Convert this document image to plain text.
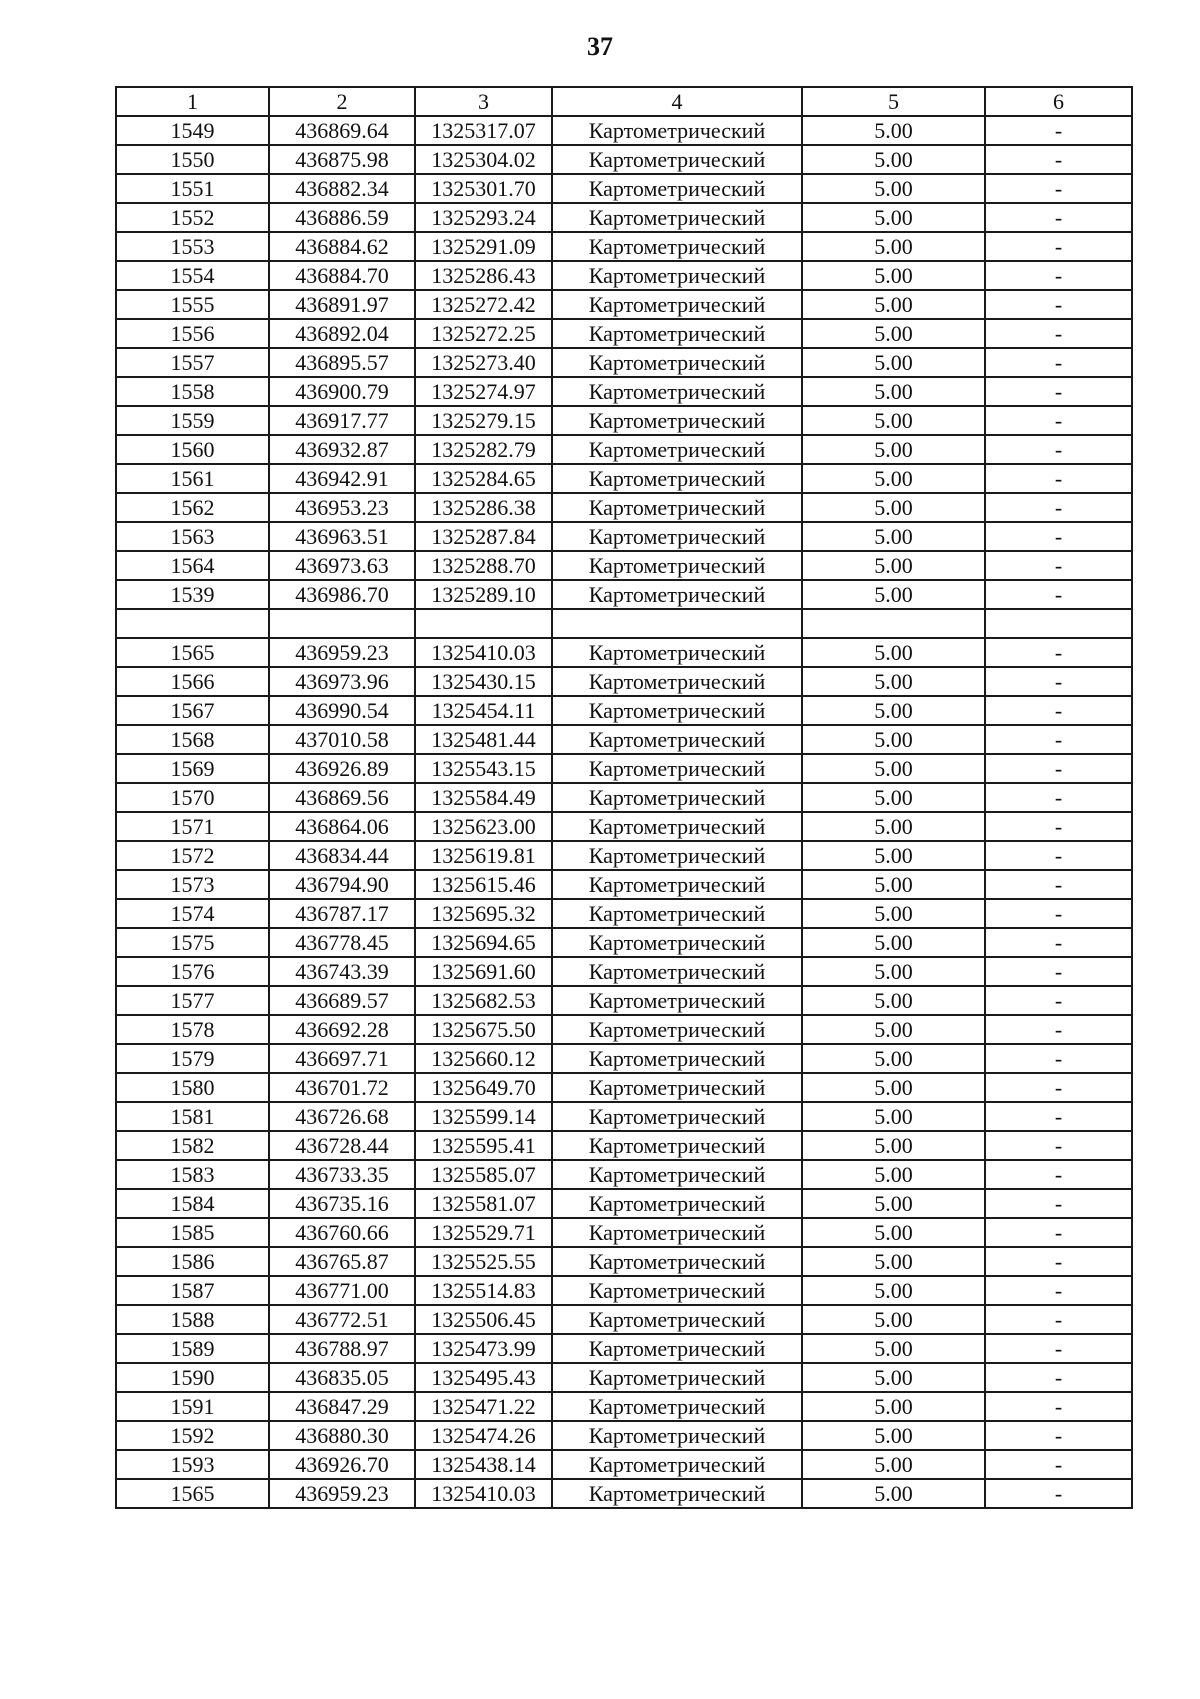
37
1	2	3	4	5	6
1549	436869.64	1325317.07	Картометрический	5.00	-
1550	436875.98	1325304.02	Картометрический	5.00	-
1551	436882.34	1325301.70	Картометрический	5.00	-
1552	436886.59	1325293.24	Картометрический	5.00	-
1553	436884.62	1325291.09	Картометрический	5.00	-
1554	436884.70	1325286.43	Картометрический	5.00	-
1555	436891.97	1325272.42	Картометрический	5.00	-
1556	436892.04	1325272.25	Картометрический	5.00	-
1557	436895.57	1325273.40	Картометрический	5.00	-
1558	436900.79	1325274.97	Картометрический	5.00	-
1559	436917.77	1325279.15	Картометрический	5.00	-
1560	436932.87	1325282.79	Картометрический	5.00	-
1561	436942.91	1325284.65	Картометрический	5.00	-
1562	436953.23	1325286.38	Картометрический	5.00	-
1563	436963.51	1325287.84	Картометрический	5.00	-
1564	436973.63	1325288.70	Картометрический	5.00	-
1539	436986.70	1325289.10	Картометрический	5.00	-

1565	436959.23	1325410.03	Картометрический	5.00	-
1566	436973.96	1325430.15	Картометрический	5.00	-
1567	436990.54	1325454.11	Картометрический	5.00	-
1568	437010.58	1325481.44	Картометрический	5.00	-
1569	436926.89	1325543.15	Картометрический	5.00	-
1570	436869.56	1325584.49	Картометрический	5.00	-
1571	436864.06	1325623.00	Картометрический	5.00	-
1572	436834.44	1325619.81	Картометрический	5.00	-
1573	436794.90	1325615.46	Картометрический	5.00	-
1574	436787.17	1325695.32	Картометрический	5.00	-
1575	436778.45	1325694.65	Картометрический	5.00	-
1576	436743.39	1325691.60	Картометрический	5.00	-
1577	436689.57	1325682.53	Картометрический	5.00	-
1578	436692.28	1325675.50	Картометрический	5.00	-
1579	436697.71	1325660.12	Картометрический	5.00	-
1580	436701.72	1325649.70	Картометрический	5.00	-
1581	436726.68	1325599.14	Картометрический	5.00	-
1582	436728.44	1325595.41	Картометрический	5.00	-
1583	436733.35	1325585.07	Картометрический	5.00	-
1584	436735.16	1325581.07	Картометрический	5.00	-
1585	436760.66	1325529.71	Картометрический	5.00	-
1586	436765.87	1325525.55	Картометрический	5.00	-
1587	436771.00	1325514.83	Картометрический	5.00	-
1588	436772.51	1325506.45	Картометрический	5.00	-
1589	436788.97	1325473.99	Картометрический	5.00	-
1590	436835.05	1325495.43	Картометрический	5.00	-
1591	436847.29	1325471.22	Картометрический	5.00	-
1592	436880.30	1325474.26	Картометрический	5.00	-
1593	436926.70	1325438.14	Картометрический	5.00	-
1565	436959.23	1325410.03	Картометрический	5.00	-
